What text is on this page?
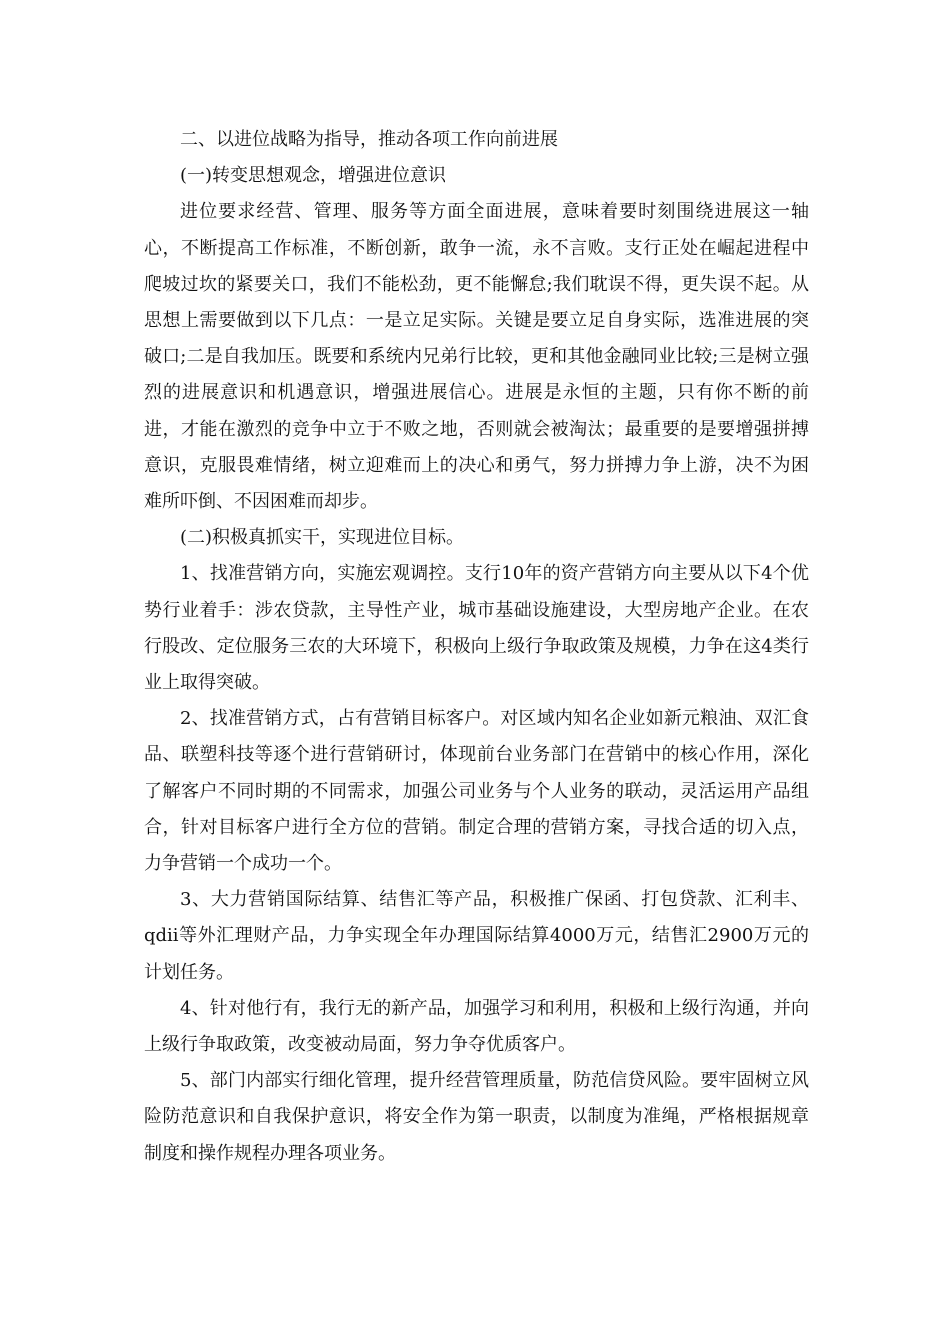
二、以进位战略为指导，推动各项工作向前进展

(一)转变思想观念，增强进位意识

进位要求经营、管理、服务等方面全面进展，意味着要时刻围绕进展这一轴心，不断提高工作标准，不断创新，敢争一流，永不言败。支行正处在崛起进程中爬坡过坎的紧要关口，我们不能松劲，更不能懈怠;我们耽误不得，更失误不起。从思想上需要做到以下几点：一是立足实际。关键是要立足自身实际，选准进展的突破口;二是自我加压。既要和系统内兄弟行比较，更和其他金融同业比较;三是树立强烈的进展意识和机遇意识，增强进展信心。进展是永恒的主题，只有你不断的前进，才能在激烈的竞争中立于不败之地，否则就会被淘汰；最重要的是要增强拼搏意识，克服畏难情绪，树立迎难而上的决心和勇气，努力拼搏力争上游，决不为困难所吓倒、不因困难而却步。

(二)积极真抓实干，实现进位目标。

1、找准营销方向，实施宏观调控。支行10年的资产营销方向主要从以下4个优势行业着手：涉农贷款，主导性产业，城市基础设施建设，大型房地产企业。在农行股改、定位服务三农的大环境下，积极向上级行争取政策及规模，力争在这4类行业上取得突破。

2、找准营销方式，占有营销目标客户。对区域内知名企业如新元粮油、双汇食品、联塑科技等逐个进行营销研讨，体现前台业务部门在营销中的核心作用，深化了解客户不同时期的不同需求，加强公司业务与个人业务的联动，灵活运用产品组合，针对目标客户进行全方位的营销。制定合理的营销方案，寻找合适的切入点，力争营销一个成功一个。

3、大力营销国际结算、结售汇等产品，积极推广保函、打包贷款、汇利丰、qdii等外汇理财产品，力争实现全年办理国际结算4000万元，结售汇2900万元的计划任务。

4、针对他行有，我行无的新产品，加强学习和利用，积极和上级行沟通，并向上级行争取政策，改变被动局面，努力争夺优质客户。

5、部门内部实行细化管理，提升经营管理质量，防范信贷风险。要牢固树立风险防范意识和自我保护意识，将安全作为第一职责，以制度为准绳，严格根据规章制度和操作规程办理各项业务。
